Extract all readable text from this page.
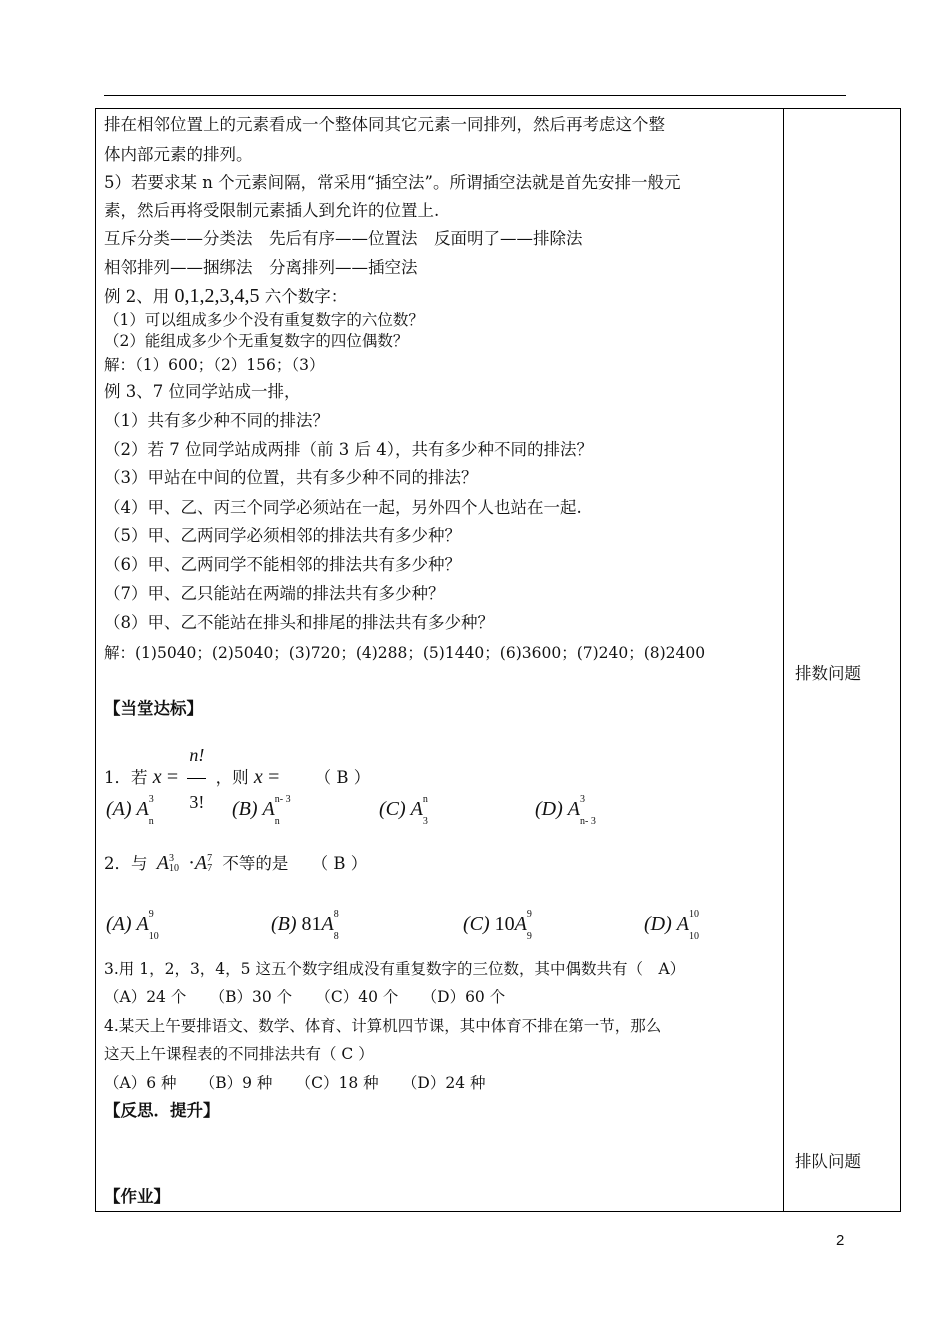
排在相邻位置上的元素看成一个整体同其它元素一同排列，然后再考虑这个整
体内部元素的排列。
5）若要求某 n 个元素间隔，常采用“插空法”。所谓插空法就是首先安排一般元
素，然后再将受限制元素插人到允许的位置上.
互斥分类——分类法　先后有序——位置法　反面明了——排除法
相邻排列——捆绑法　分离排列——插空法
例 2、用 0,1,2,3,4,5 六个数字：
（1）可以组成多少个没有重复数字的六位数？
（2）能组成多少个无重复数字的四位偶数？
解：（1）600；（2）156；（3）
例 3、7 位同学站成一排，
（1）共有多少种不同的排法？
（2）若 7 位同学站成两排（前 3 后 4），共有多少种不同的排法？
（3）甲站在中间的位置，共有多少种不同的排法？
（4）甲、乙、丙三个同学必须站在一起，另外四个人也站在一起.
（5）甲、乙两同学必须相邻的排法共有多少种？
（6）甲、乙两同学不能相邻的排法共有多少种？
（7）甲、乙只能站在两端的排法共有多少种？
（8）甲、乙不能站在排头和排尾的排法共有多少种？
解：(1)5040；(2)5040；(3)720；(4)288；(5)1440；(6)3600；(7)240；(8)2400
【当堂达标】
1．若 $x = \frac{n!}{3!}$ ，则 x = （ B ）
(A) A 3
n
(B) A n- 3
n
(C) A n
3
(D) A 3
n- 3
2．与 A 3
10 ·A 7
7 不等的是 （ B ）
(A) A 9
10
(B) 81A 8
8
(C) 10A 9
9
(D) A 10
10
3.用 1，2，3，4，5 这五个数字组成没有重复数字的三位数，其中偶数共有（　A）
（A）24 个　　（B）30 个　　（C）40 个　　（D）60 个
4.某天上午要排语文、数学、体育、计算机四节课，其中体育不排在第一节，那么
这天上午课程表的不同排法共有（ C ）
（A）6 种　　（B）9 种　　（C）18 种　　（D）24 种
【反思．提升】
【作业】
排数问题
排队问题
2
